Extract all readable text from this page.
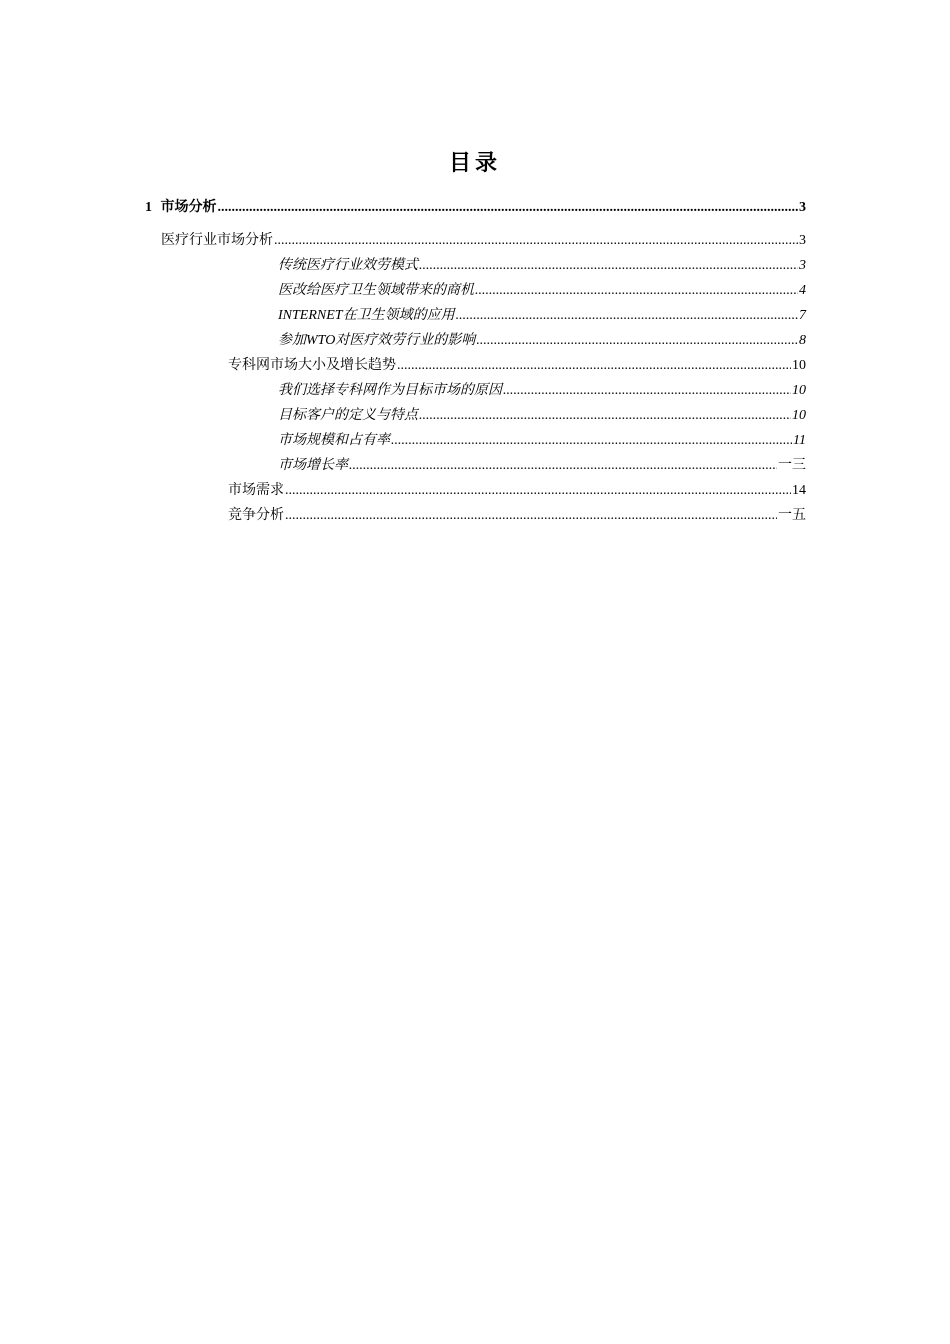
目录
1 市场分析 .....	3
医疗行业市场分析 .....	3
传统医疗行业效劳模式 .....	3
医改给医疗卫生领域带来的商机 .....	4
INTERNET在卫生领域的应用 .....	7
参加WTO对医疗效劳行业的影响 .....	8
专科网市场大小及增长趋势 .....	10
我们选择专科网作为目标市场的原因 .....	10
目标客户的定义与特点 .....	10
市场规模和占有率 .....	11
市场增长率 .....	一三
市场需求 .....	14
竞争分析 .....	一五
